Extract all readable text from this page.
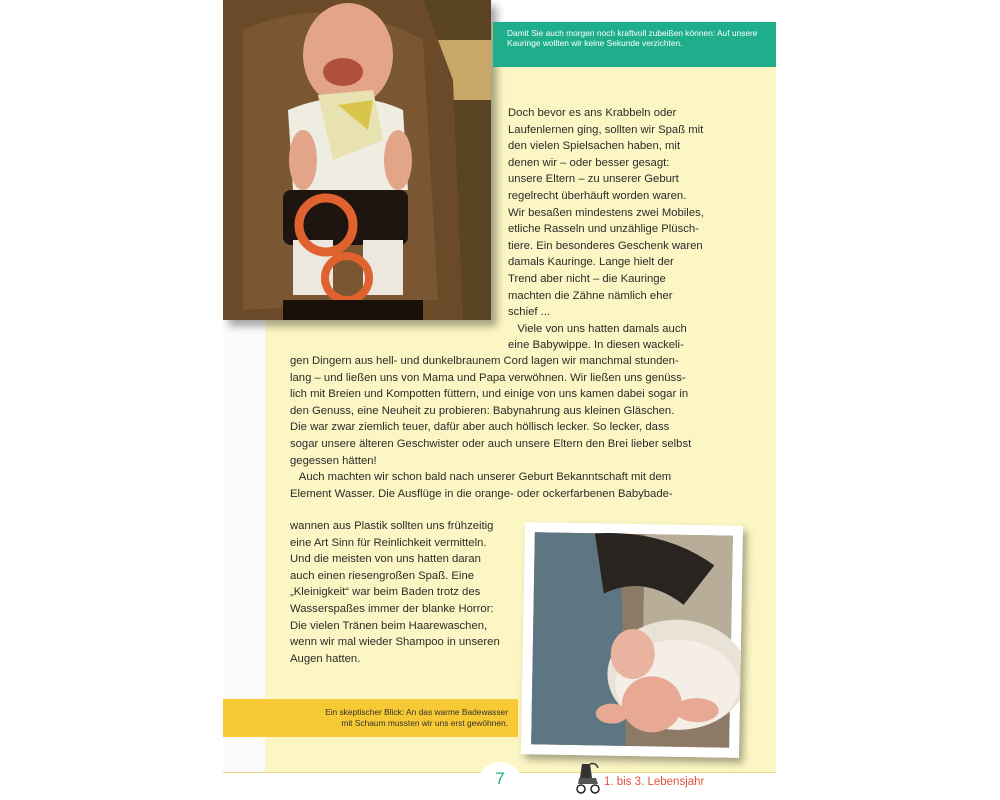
Damit Sie auch morgen noch kraftvoll zubeißen können: Auf unsere Kauringe wollten wir keine Sekunde verzichten.

Doch bevor es ans Krabbeln oder

Laufenlernen ging, sollten wir Spaß mit

den vielen Spielsachen haben, mit

denen wir – oder besser gesagt:

unsere Eltern – zu unserer Geburt

regelrecht überhäuft worden waren.

Wir besaßen mindestens zwei Mobiles,

etliche Rasseln und unzählige Plüsch-

tiere. Ein besonderes Geschenk waren

damals Kauringe. Lange hielt der

Trend aber nicht – die Kauringe

machten die Zähne nämlich eher

schief ...

Viele von uns hatten damals auch

eine Babywippe. In diesen wackeli-

gen Dingern aus hell- und dunkelbraunem Cord lagen wir manchmal stunden-

lang – und ließen uns von Mama und Papa verwöhnen. Wir ließen uns genüss-

lich mit Breien und Kompotten füttern, und einige von uns kamen dabei sogar in

den Genuss, eine Neuheit zu probieren: Babynahrung aus kleinen Gläschen.

Die war zwar ziemlich teuer, dafür aber auch höllisch lecker. So lecker, dass

sogar unsere älteren Geschwister oder auch unsere Eltern den Brei lieber selbst

gegessen hätten!

Auch machten wir schon bald nach unserer Geburt Bekanntschaft mit dem

Element Wasser. Die Ausflüge in die orange- oder ockerfarbenen Babybade-

wannen aus Plastik sollten uns frühzeitig

eine Art Sinn für Reinlichkeit vermitteln.

Und die meisten von uns hatten daran

auch einen riesengroßen Spaß. Eine

„Kleinigkeit“ war beim Baden trotz des

Wasserspaßes immer der blanke Horror:

Die vielen Tränen beim Haarewaschen,

wenn wir mal wieder Shampoo in unseren

Augen hatten.

Ein skeptischer Blick: An das warme Badewasser
mit Schaum mussten wir uns erst gewöhnen.
7	1. bis 3. Lebensjahr
